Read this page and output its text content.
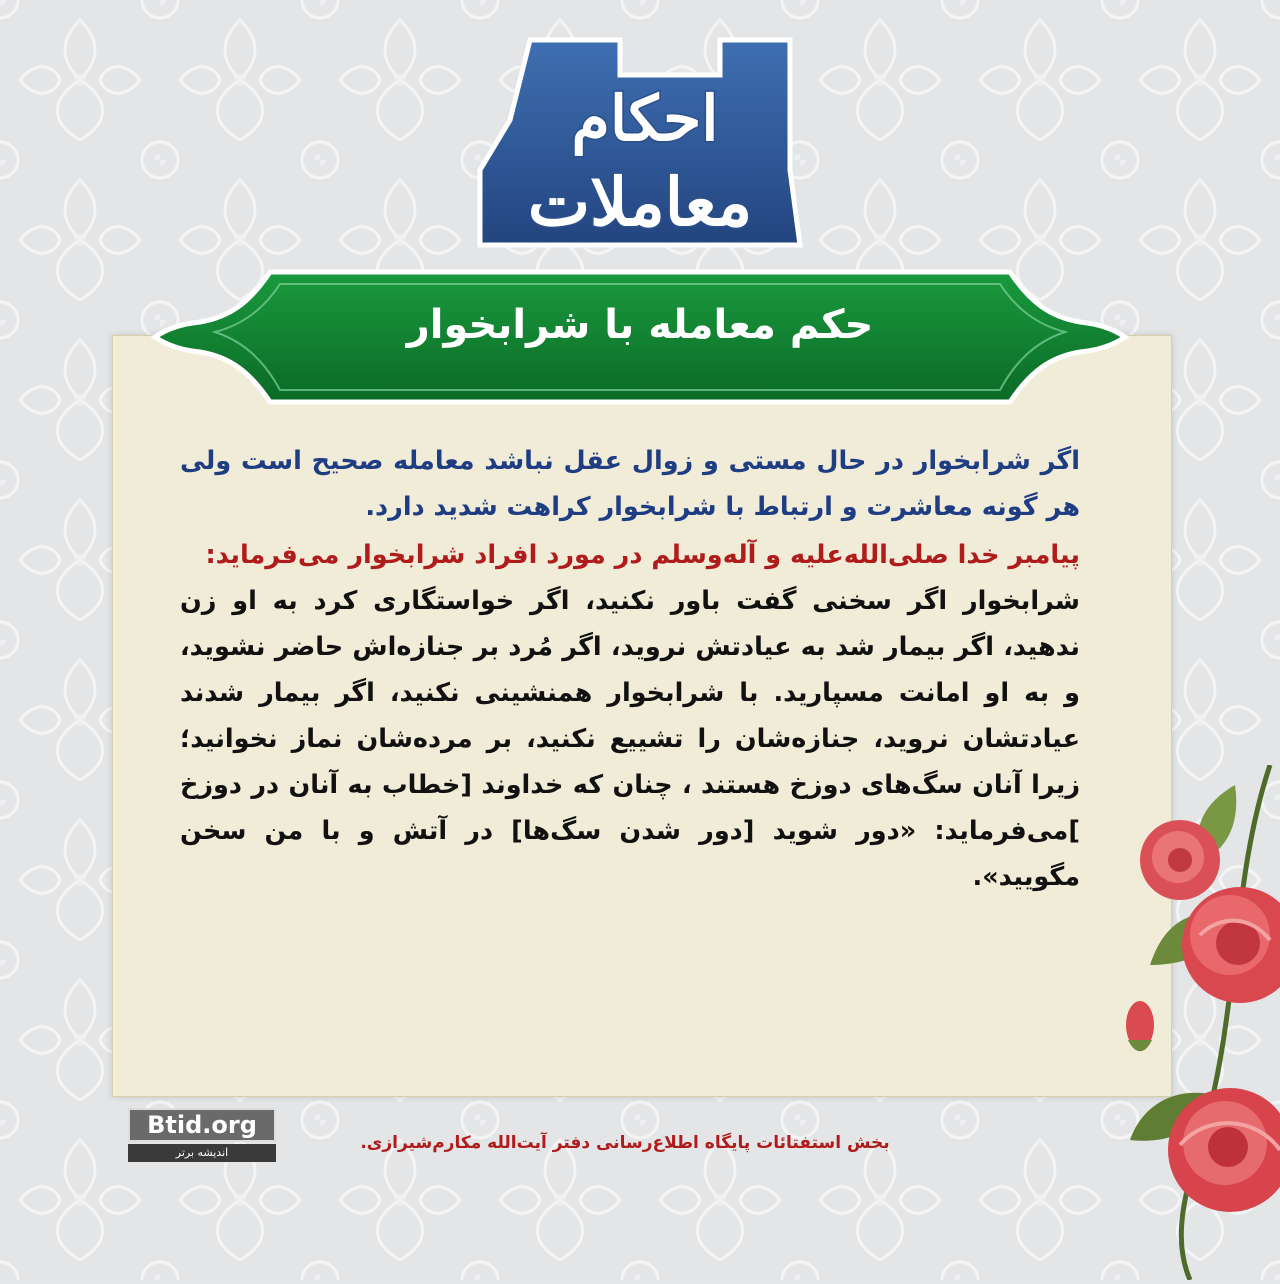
احکام
معاملات
حکم معامله با شرابخوار

اگر شرابخوار در حال مستی و زوال عقل نباشد معامله صحیح است ولی هر گونه معاشرت و ارتباط با شرابخوار کراهت شدید دارد.

پیامبر خدا صلی‌الله‌علیه و آله‌وسلم در مورد افراد شرابخوار می‌فرماید:

شرابخوار اگر سخنی گفت باور نکنید، اگر خواستگاری کرد به او زن ندهید، اگر بیمار شد به عیادتش نروید، اگر مُرد بر جنازه‌اش حاضر نشوید، و به او امانت مسپارید. با شرابخوار همنشینی نکنید، اگر بیمار شدند عیادتشان نروید، جنازه‌شان را تشییع نکنید، بر مرده‌شان نماز نخوانید؛ زیرا آنان سگ‌های دوزخ هستند ، چنان که خداوند [خطاب به آنان در دوزخ ]می‌فرماید: «دور شوید [دور شدن سگ‌ها] در آتش و با من سخن مگویید».

Btid.org
اندیشه برتر	بخش استفتائات پایگاه اطلاع‌رسانی دفتر آیت‌الله مکارم‌شیرازی.
